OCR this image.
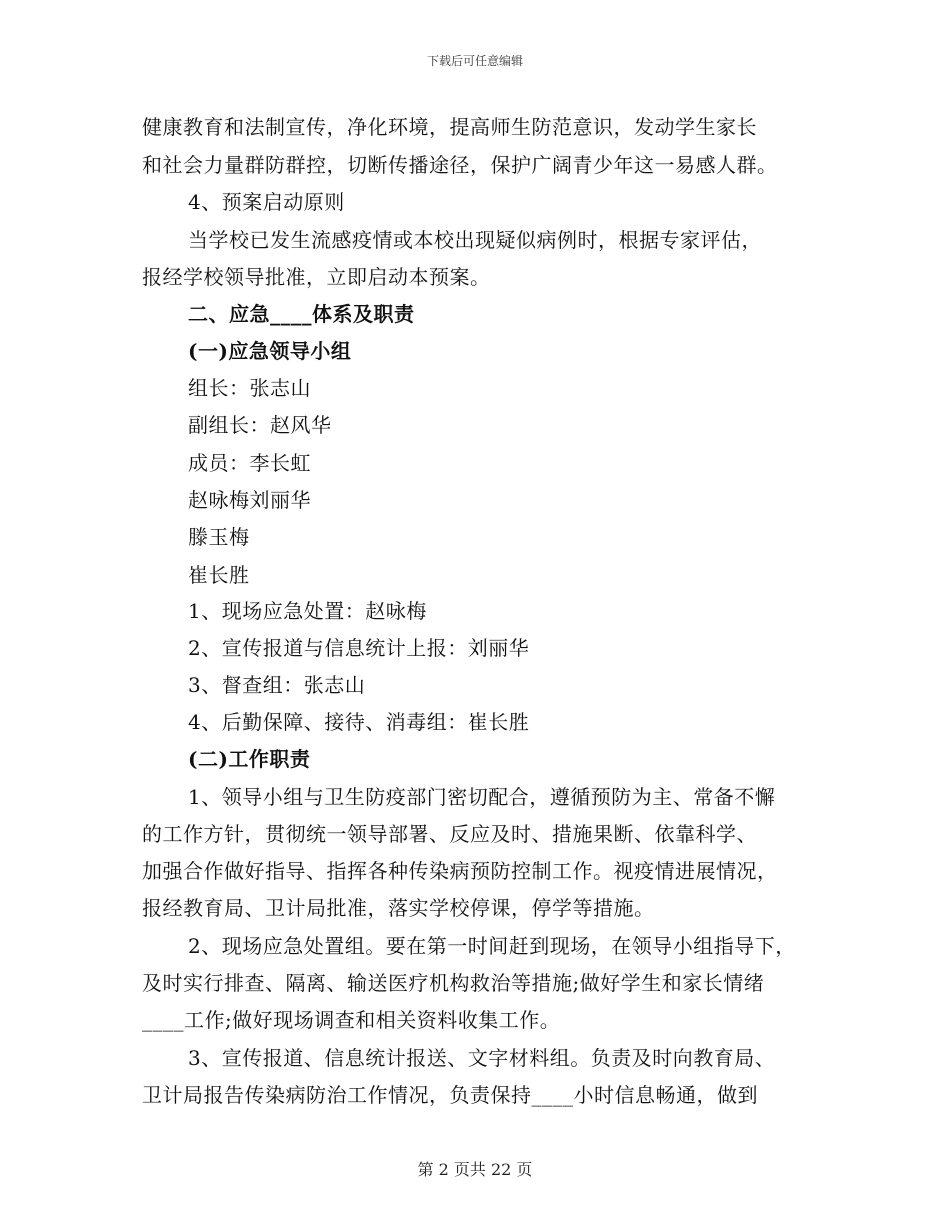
下载后可任意编辑
健康教育和法制宣传，净化环境，提高师生防范意识，发动学生家长
和社会力量群防群控，切断传播途径，保护广阔青少年这一易感人群。
4、预案启动原则
当学校已发生流感疫情或本校出现疑似病例时，根据专家评估，
报经学校领导批准，立即启动本预案。
二、应急____体系及职责
(一)应急领导小组
组长：张志山
副组长：赵风华
成员：李长虹
赵咏梅刘丽华
滕玉梅
崔长胜
1、现场应急处置：赵咏梅
2、宣传报道与信息统计上报：刘丽华
3、督查组：张志山
4、后勤保障、接待、消毒组：崔长胜
(二)工作职责
1、领导小组与卫生防疫部门密切配合，遵循预防为主、常备不懈
的工作方针，贯彻统一领导部署、反应及时、措施果断、依靠科学、
加强合作做好指导、指挥各种传染病预防控制工作。视疫情进展情况，
报经教育局、卫计局批准，落实学校停课，停学等措施。
2、现场应急处置组。要在第一时间赶到现场，在领导小组指导下，
及时实行排查、隔离、输送医疗机构救治等措施;做好学生和家长情绪
____工作;做好现场调查和相关资料收集工作。
3、宣传报道、信息统计报送、文字材料组。负责及时向教育局、
卫计局报告传染病防治工作情况，负责保持____小时信息畅通，做到
第 2 页共 22 页
